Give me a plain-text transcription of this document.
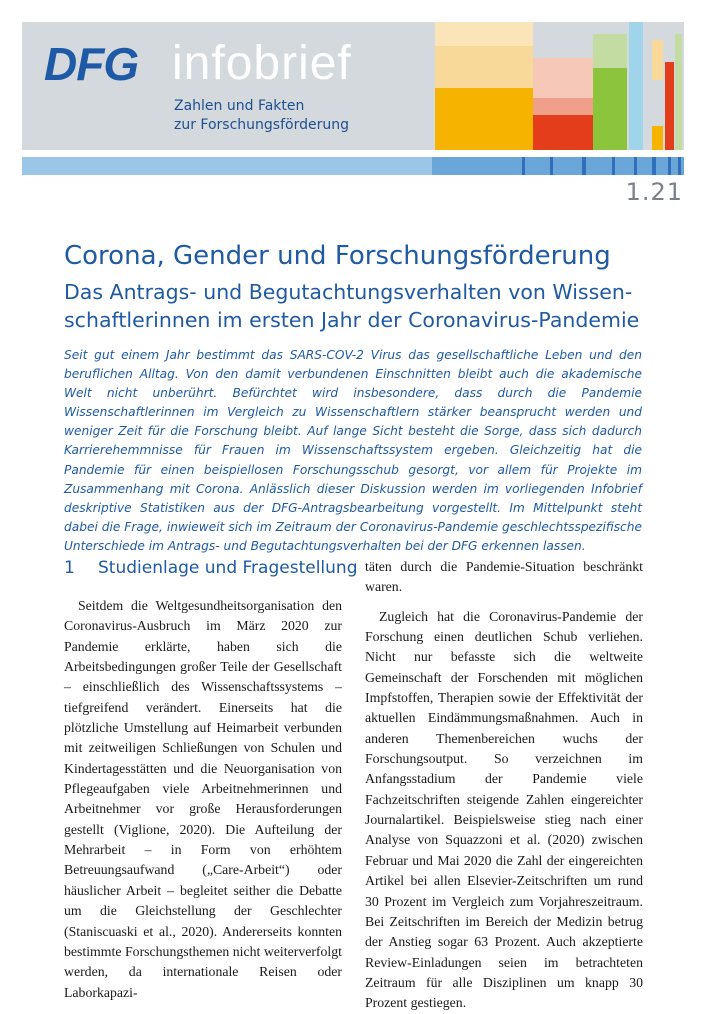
DFG infobrief
Zahlen und Fakten
zur Forschungsförderung
1.21
Corona, Gender und Forschungsförderung
Das Antrags- und Begutachtungsverhalten von Wissen-
schaftlerinnen im ersten Jahr der Coronavirus-Pandemie
Seit gut einem Jahr bestimmt das SARS-COV-2 Virus das gesellschaftliche Leben und den beruflichen Alltag. Von den damit verbundenen Einschnitten bleibt auch die akademische Welt nicht unberührt. Befürchtet wird insbesondere, dass durch die Pandemie Wissenschaftlerinnen im Vergleich zu Wissenschaftlern stärker beansprucht werden und weniger Zeit für die Forschung bleibt. Auf lange Sicht besteht die Sorge, dass sich dadurch Karrierehemmnisse für Frauen im Wissenschaftssystem ergeben. Gleichzeitig hat die Pandemie für einen beispiellosen Forschungsschub gesorgt, vor allem für Projekte im Zusammenhang mit Corona. Anlässlich dieser Diskussion werden im vorliegenden Infobrief deskriptive Statistiken aus der DFG-Antragsbearbeitung vorgestellt. Im Mittelpunkt steht dabei die Frage, inwieweit sich im Zeitraum der Coronavirus-Pandemie geschlechtsspezifische Unterschiede im Antrags- und Begutachtungsverhalten bei der DFG erkennen lassen.
1 Studienlage und Fragestellung

Seitdem die Weltgesundheitsorganisation den Coronavirus-Ausbruch im März 2020 zur Pandemie erklärte, haben sich die Arbeitsbedingungen großer Teile der Gesellschaft – einschließlich des Wissenschaftssystems – tiefgreifend verändert. Einerseits hat die plötzliche Umstellung auf Heimarbeit verbunden mit zeitweiligen Schließungen von Schulen und Kindertagesstätten und die Neuorganisation von Pflegeaufgaben viele Arbeitnehmerinnen und Arbeitnehmer vor große Herausforderungen gestellt (Viglione, 2020). Die Aufteilung der Mehrarbeit – in Form von erhöhtem Betreuungsaufwand („Care-Arbeit“) oder häuslicher Arbeit – begleitet seither die Debatte um die Gleichstellung der Geschlechter (Staniscuaski et al., 2020). Andererseits konnten bestimmte Forschungsthemen nicht weiterverfolgt werden, da internationale Reisen oder Laborkapazi-

täten durch die Pandemie-Situation beschränkt waren.

Zugleich hat die Coronavirus-Pandemie der Forschung einen deutlichen Schub verliehen. Nicht nur befasste sich die weltweite Gemeinschaft der Forschenden mit möglichen Impfstoffen, Therapien sowie der Effektivität der aktuellen Eindämmungsmaßnahmen. Auch in anderen Themenbereichen wuchs der Forschungsoutput. So verzeichnen im Anfangsstadium der Pandemie viele Fachzeitschriften steigende Zahlen eingereichter Journalartikel. Beispielsweise stieg nach einer Analyse von Squazzoni et al. (2020) zwischen Februar und Mai 2020 die Zahl der eingereichten Artikel bei allen Elsevier-Zeitschriften um rund 30 Prozent im Vergleich zum Vorjahreszeitraum. Bei Zeitschriften im Bereich der Medizin betrug der Anstieg sogar 63 Prozent. Auch akzeptierte Review-Einladungen seien im betrachteten Zeitraum für alle Disziplinen um knapp 30 Prozent gestiegen.
